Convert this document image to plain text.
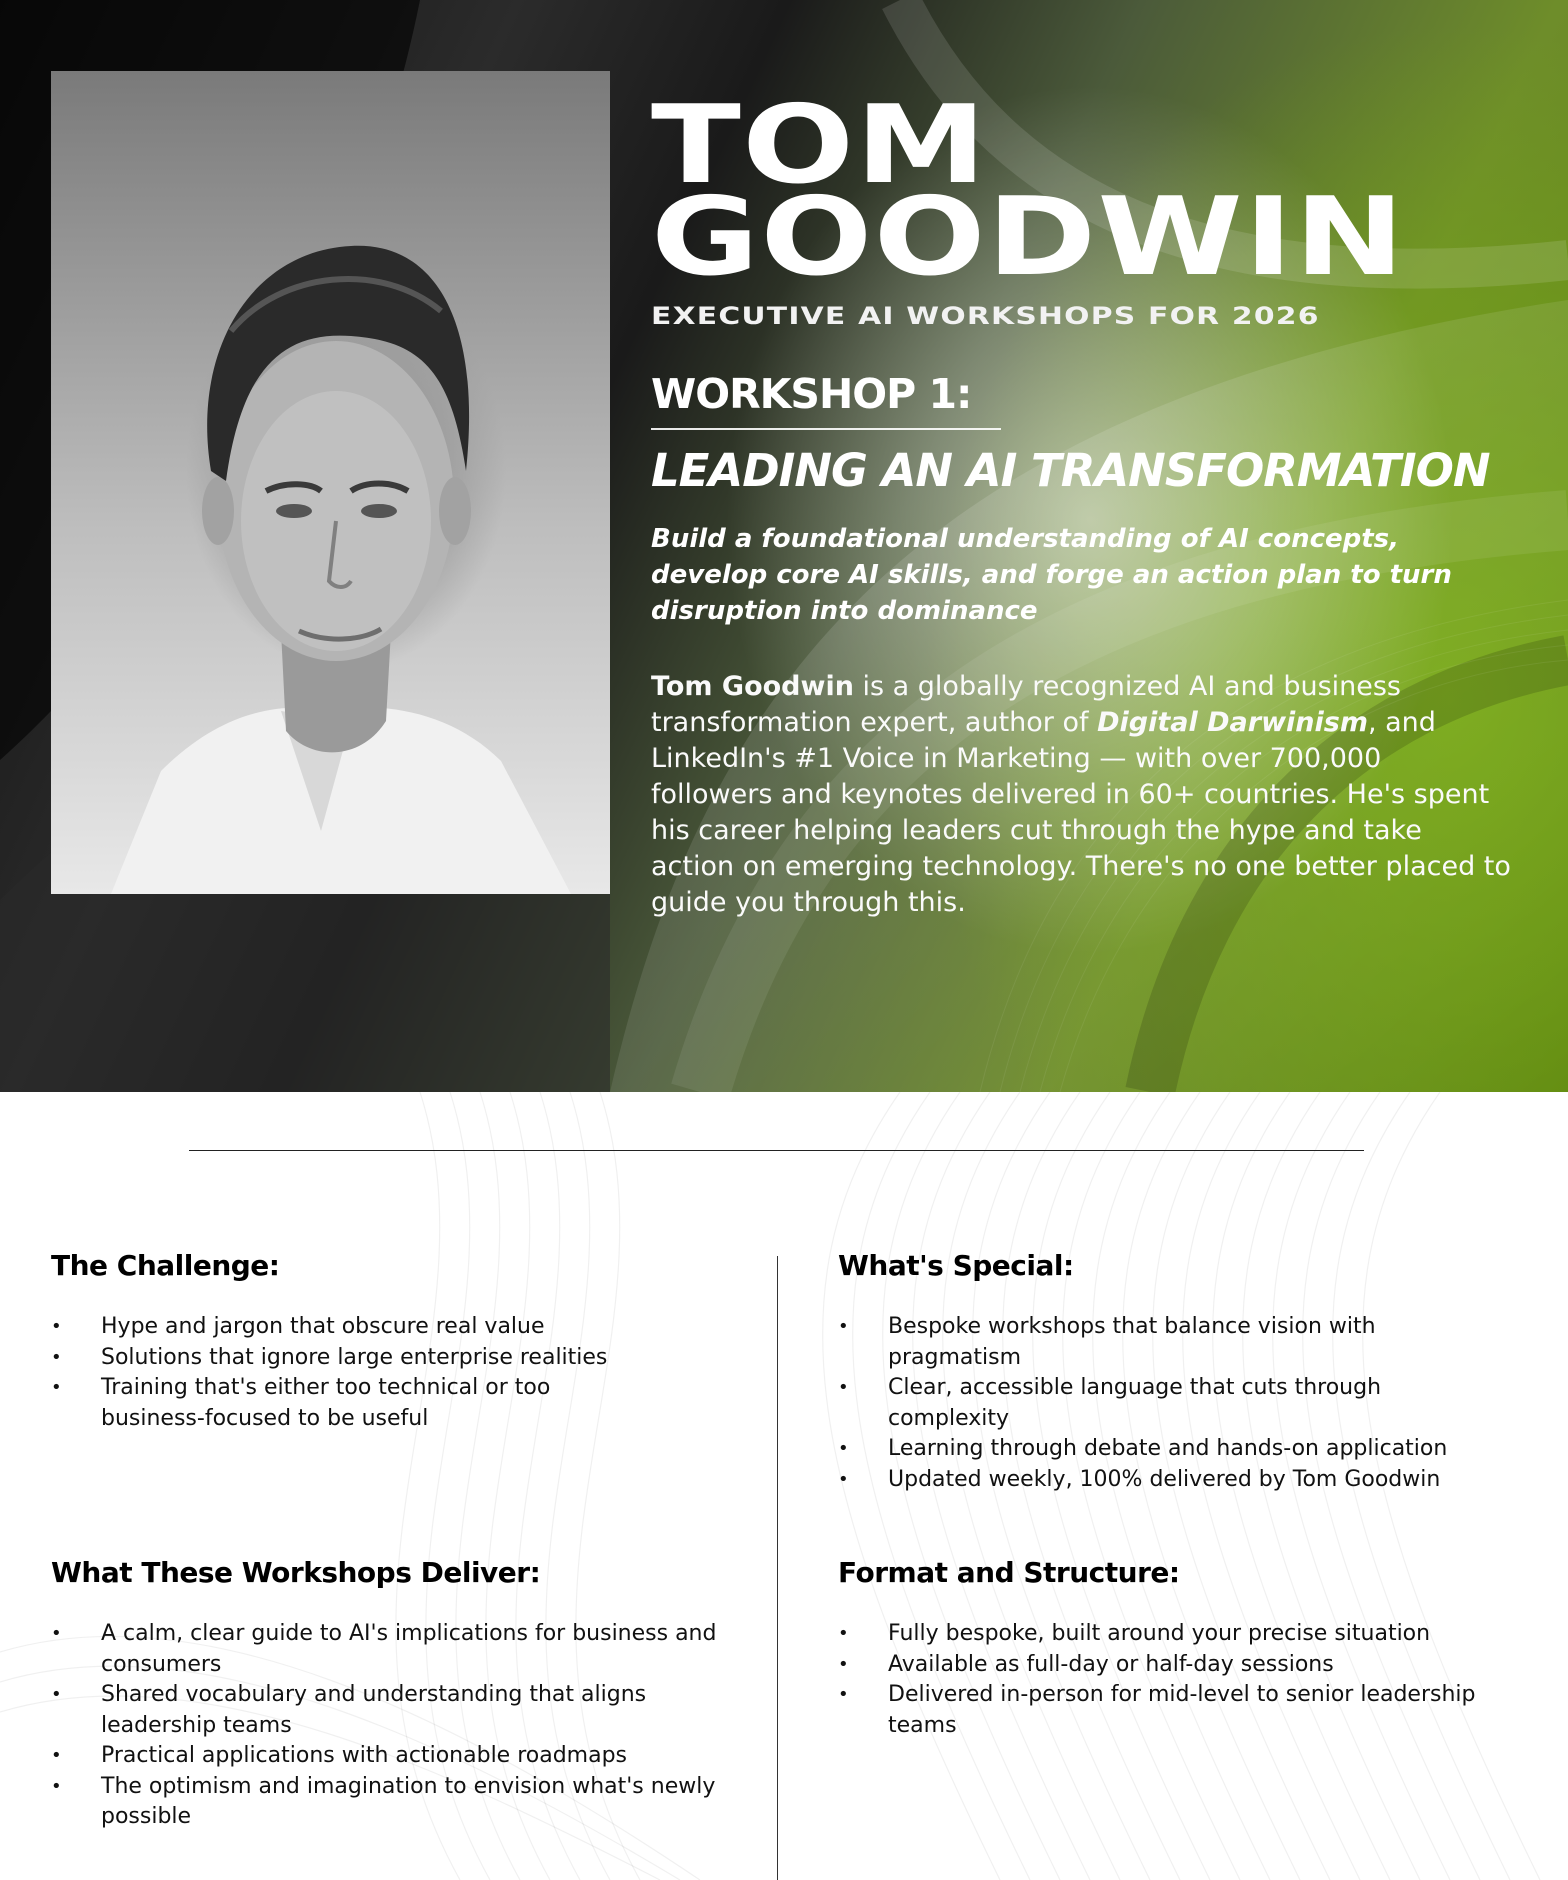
TOM
GOODWIN
EXECUTIVE AI WORKSHOPS FOR 2026
WORKSHOP 1:
LEADING AN AI TRANSFORMATION
Build a foundational understanding of AI concepts, develop core AI skills, and forge an action plan to turn disruption into dominance
Tom Goodwin is a globally recognized AI and business transformation expert, author of Digital Darwinism, and LinkedIn's #1 Voice in Marketing — with over 700,000 followers and keynotes delivered in 60+ countries. He's spent his career helping leaders cut through the hype and take action on emerging technology. There's no one better placed to guide you through this.
The Challenge:
• Hype and jargon that obscure real value
• Solutions that ignore large enterprise realities
• Training that's either too technical or too business-focused to be useful
What's Special:
• Bespoke workshops that balance vision with pragmatism
• Clear, accessible language that cuts through complexity
• Learning through debate and hands-on application
• Updated weekly, 100% delivered by Tom Goodwin
What These Workshops Deliver:
• A calm, clear guide to AI's implications for business and consumers
• Shared vocabulary and understanding that aligns leadership teams
• Practical applications with actionable roadmaps
• The optimism and imagination to envision what's newly possible
Format and Structure:
• Fully bespoke, built around your precise situation
• Available as full-day or half-day sessions
• Delivered in-person for mid-level to senior leadership teams
